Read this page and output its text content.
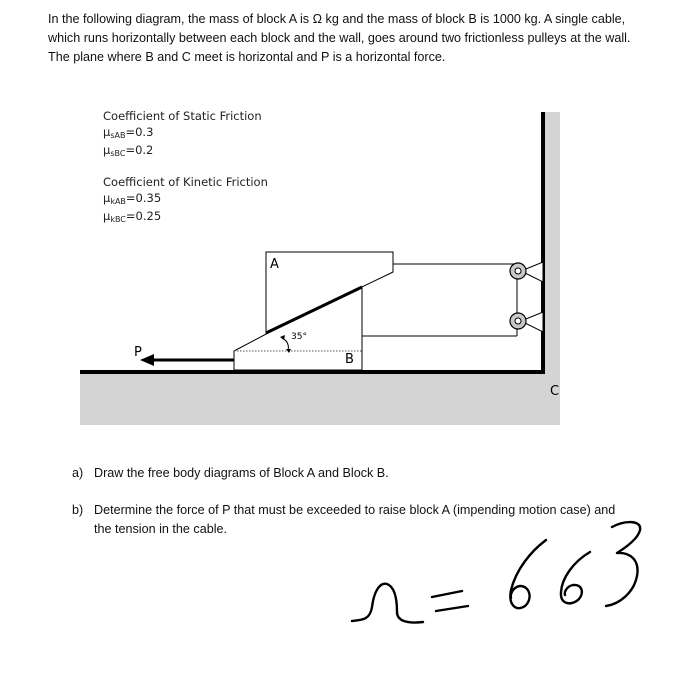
In the following diagram, the mass of block A is Ω kg and the mass of block B is 1000 kg. A single cable, which runs horizontally between each block and the wall, goes around two frictionless pulleys at the wall. The plane where B and C meet is horizontal and P is a horizontal force.
Coefficient of Static Friction
$\mu_{sAB}=0.3$
$\mu_{sBC}=0.2$
Coefficient of Kinetic Friction
$\mu_{kAB}=0.35$
$\mu_{kBC}=0.25$
35°
A
B
C
P
a) Draw the free body diagrams of Block A and Block B.
b) Determine the force of P that must be exceeded to raise block A (impending motion case) and the tension in the cable.
